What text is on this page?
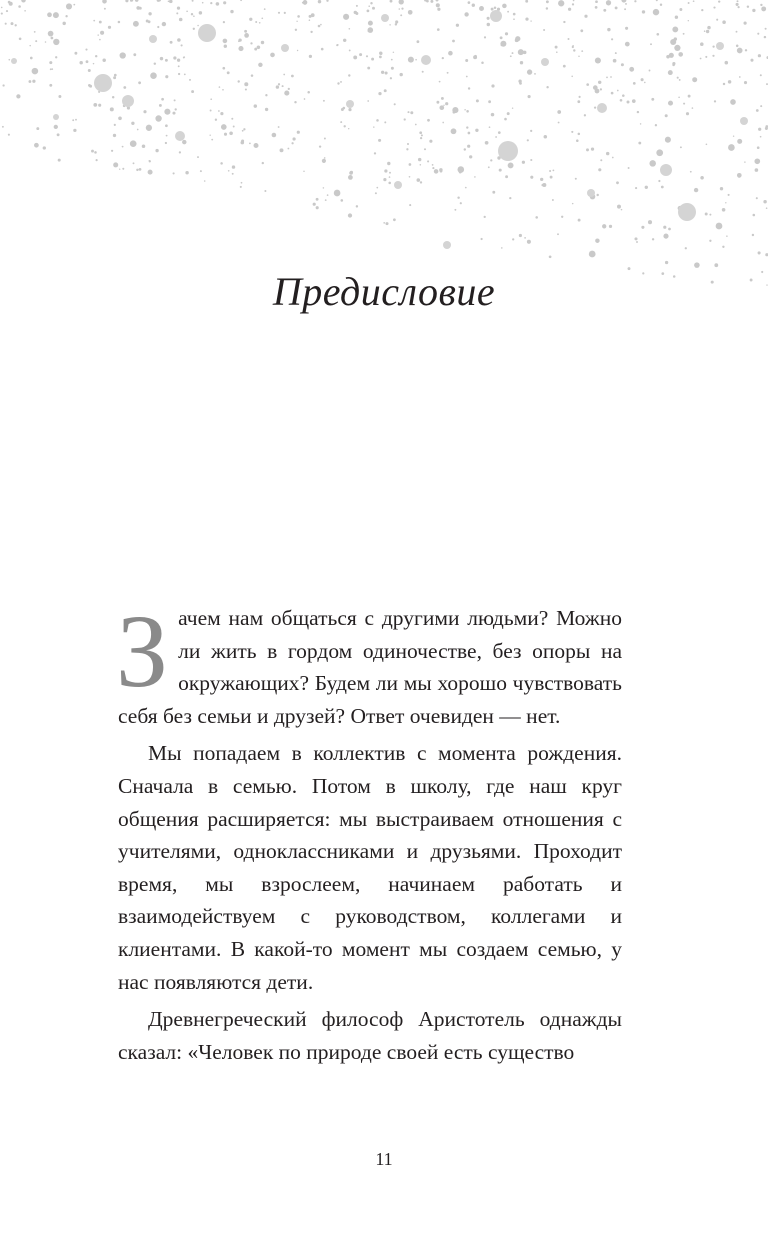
Предисловие

Зачем нам общаться с другими людьми? Можно ли жить в гордом одиночестве, без опоры на окружающих? Будем ли мы хорошо чувствовать себя без семьи и друзей? Ответ очевиден — нет.

Мы попадаем в коллектив с момента рождения. Сначала в семью. Потом в школу, где наш круг общения расширяется: мы выстраиваем отношения с учителями, одноклассниками и друзьями. Проходит время, мы взрослеем, начинаем работать и взаимодействуем с руководством, коллегами и клиентами. В какой-то момент мы создаем семью, у нас появляются дети.

Древнегреческий философ Аристотель однажды сказал: «Человек по природе своей есть существо

11
